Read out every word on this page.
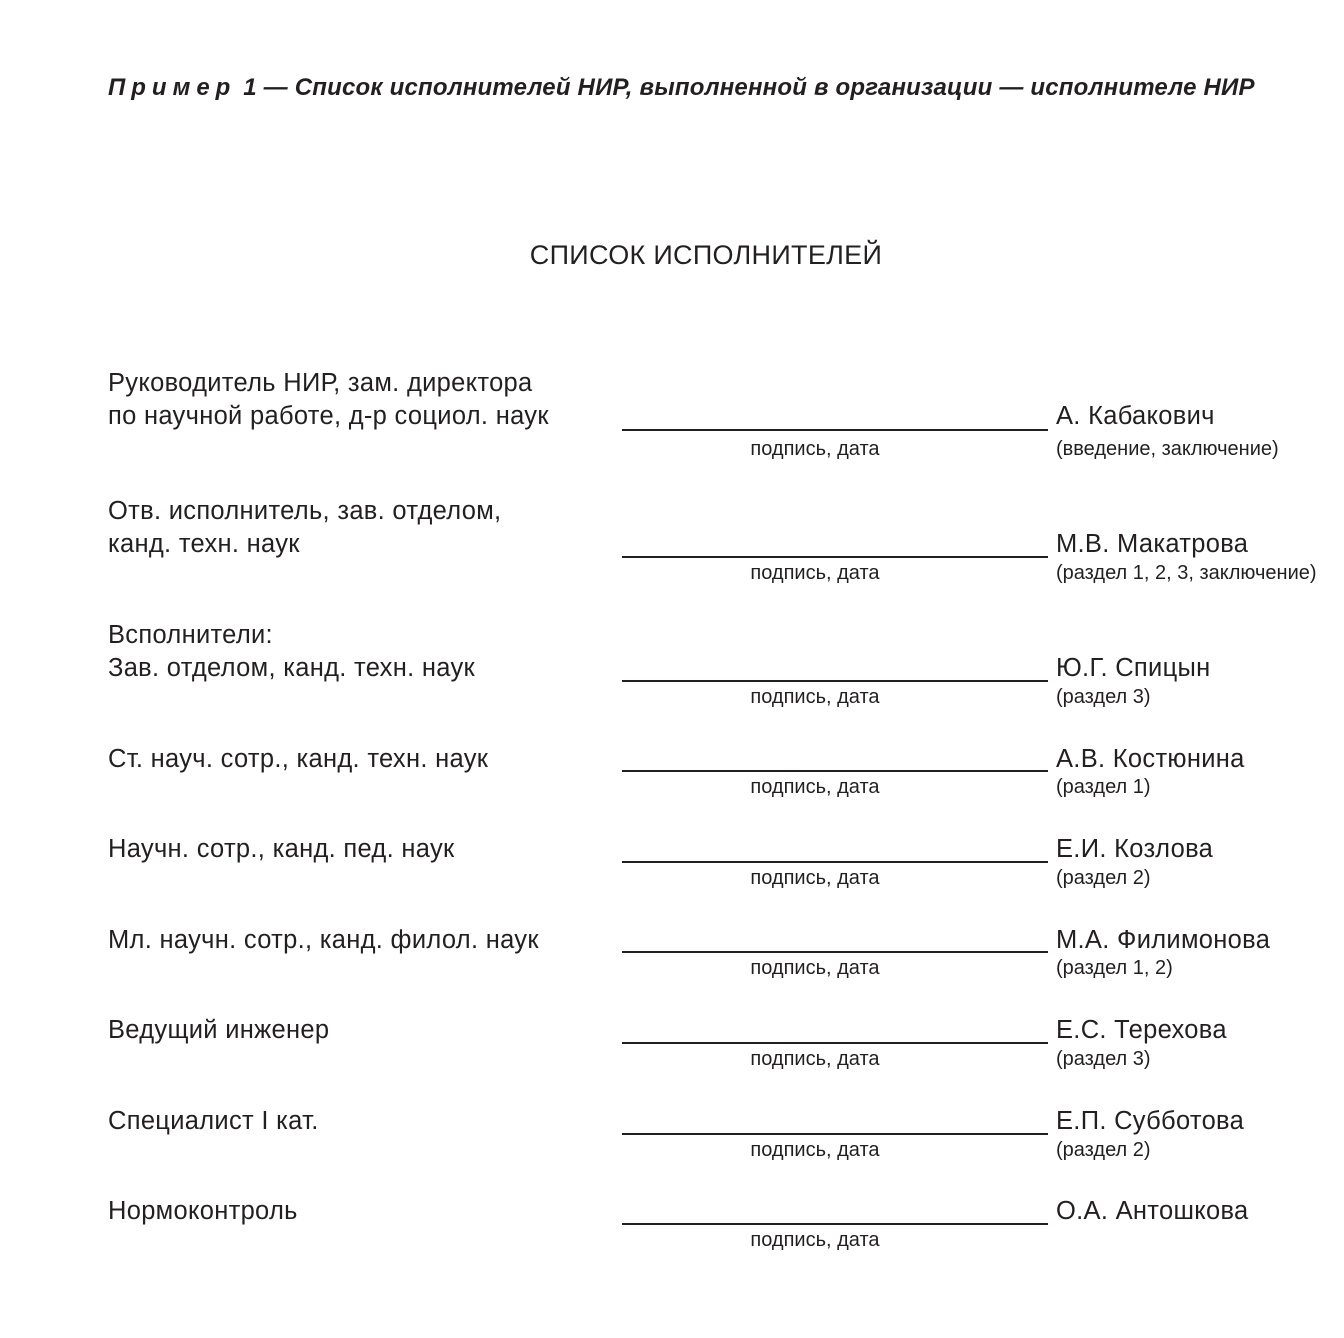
Пример 1 — Список исполнителей НИР, выполненной в организации — исполнителе НИР
СПИСОК ИСПОЛНИТЕЛЕЙ
Руководитель НИР, зам. директора
по научной работе, д-р социол. наук
подпись, дата
А. Кабакович
(введение, заключение)
Отв. исполнитель, зав. отделом,
канд. техн. наук
подпись, дата
М.В. Макатрова
(раздел 1, 2, 3, заключение)
Всполнители:
Зав. отделом, канд. техн. наук
подпись, дата
Ю.Г. Спицын
(раздел 3)
Ст. науч. сотр., канд. техн. наук
подпись, дата
А.В. Костюнина
(раздел 1)
Научн. сотр., канд. пед. наук
подпись, дата
Е.И. Козлова
(раздел 2)
Мл. научн. сотр., канд. филол. наук
подпись, дата
М.А. Филимонова
(раздел 1, 2)
Ведущий инженер
подпись, дата
Е.С. Терехова
(раздел 3)
Специалист I кат.
подпись, дата
Е.П. Субботова
(раздел 2)
Нормоконтроль
подпись, дата
О.А. Антошкова
